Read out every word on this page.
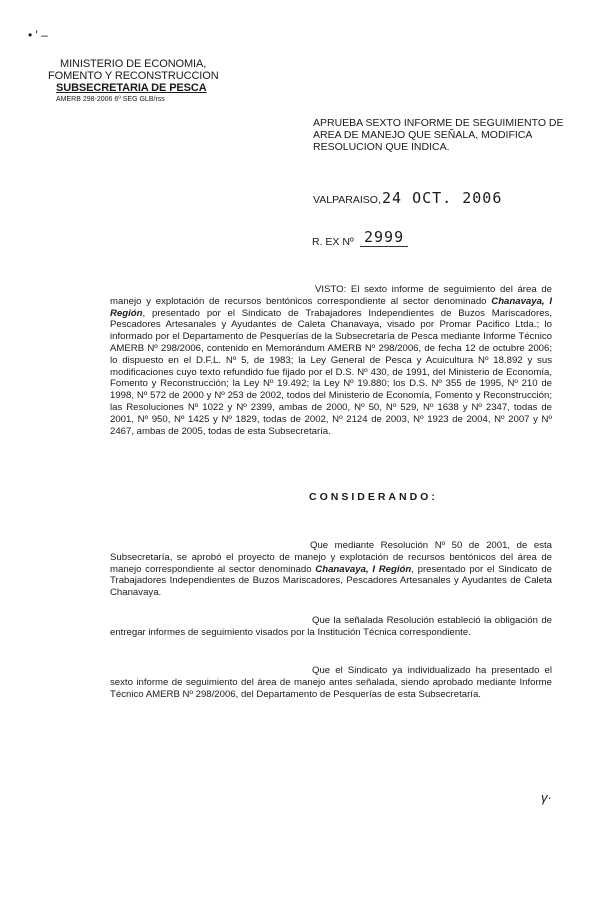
• ' –
MINISTERIO DE ECONOMIA,
FOMENTO Y RECONSTRUCCION
SUBSECRETARIA DE PESCA
AMERB 298-2006 6º SEG GLB/rss
APRUEBA SEXTO INFORME DE SEGUIMIENTO DE AREA DE MANEJO QUE SEÑALA, MODIFICA RESOLUCION QUE INDICA.
VALPARAISO, 24 OCT. 2006
R. EX Nº 2999
VISTO: El sexto informe de seguimiento del área de manejo y explotación de recursos bentónicos correspondiente al sector denominado Chanavaya, I Región, presentado por el Sindicato de Trabajadores Independientes de Buzos Mariscadores, Pescadores Artesanales y Ayudantes de Caleta Chanavaya, visado por Promar Pacifico Ltda.; lo informado por el Departamento de Pesquerías de la Subsecretaría de Pesca mediante Informe Técnico AMERB Nº 298/2006, contenido en Memorándum AMERB Nº 298/2006, de fecha 12 de octubre 2006; lo dispuesto en el D.F.L. Nº 5, de 1983; la Ley General de Pesca y Acuicultura Nº 18.892 y sus modificaciones cuyo texto refundido fue fijado por el D.S. Nº 430, de 1991, del Ministerio de Economía, Fomento y Reconstrucción; la Ley Nº 19.492; la Ley Nº 19.880; los D.S. Nº 355 de 1995, Nº 210 de 1998, Nº 572 de 2000 y Nº 253 de 2002, todos del Ministerio de Economía, Fomento y Reconstrucción; las Resoluciones Nº 1022 y Nº 2399, ambas de 2000, Nº 50, Nº 529, Nº 1638 y Nº 2347, todas de 2001, Nº 950, Nº 1425 y Nº 1829, todas de 2002, Nº 2124 de 2003, Nº 1923 de 2004, Nº 2007 y Nº 2467, ambas de 2005, todas de esta Subsecretaría.
CONSIDERANDO:
Que mediante Resolución Nº 50 de 2001, de esta Subsecretaría, se aprobó el proyecto de manejo y explotación de recursos bentónicos del área de manejo correspondiente al sector denominado Chanavaya, I Región, presentado por el Sindicato de Trabajadores Independientes de Buzos Mariscadores, Pescadores Artesanales y Ayudantes de Caleta Chanavaya.
Que la señalada Resolución estableció la obligación de entregar informes de seguimiento visados por la Institución Técnica correspondiente.
Que el Sindicato ya individualizado ha presentado el sexto informe de seguimiento del área de manejo antes señalada, siendo aprobado mediante Informe Técnico AMERB Nº 298/2006, del Departamento de Pesquerías de esta Subsecretaría.
γ·
